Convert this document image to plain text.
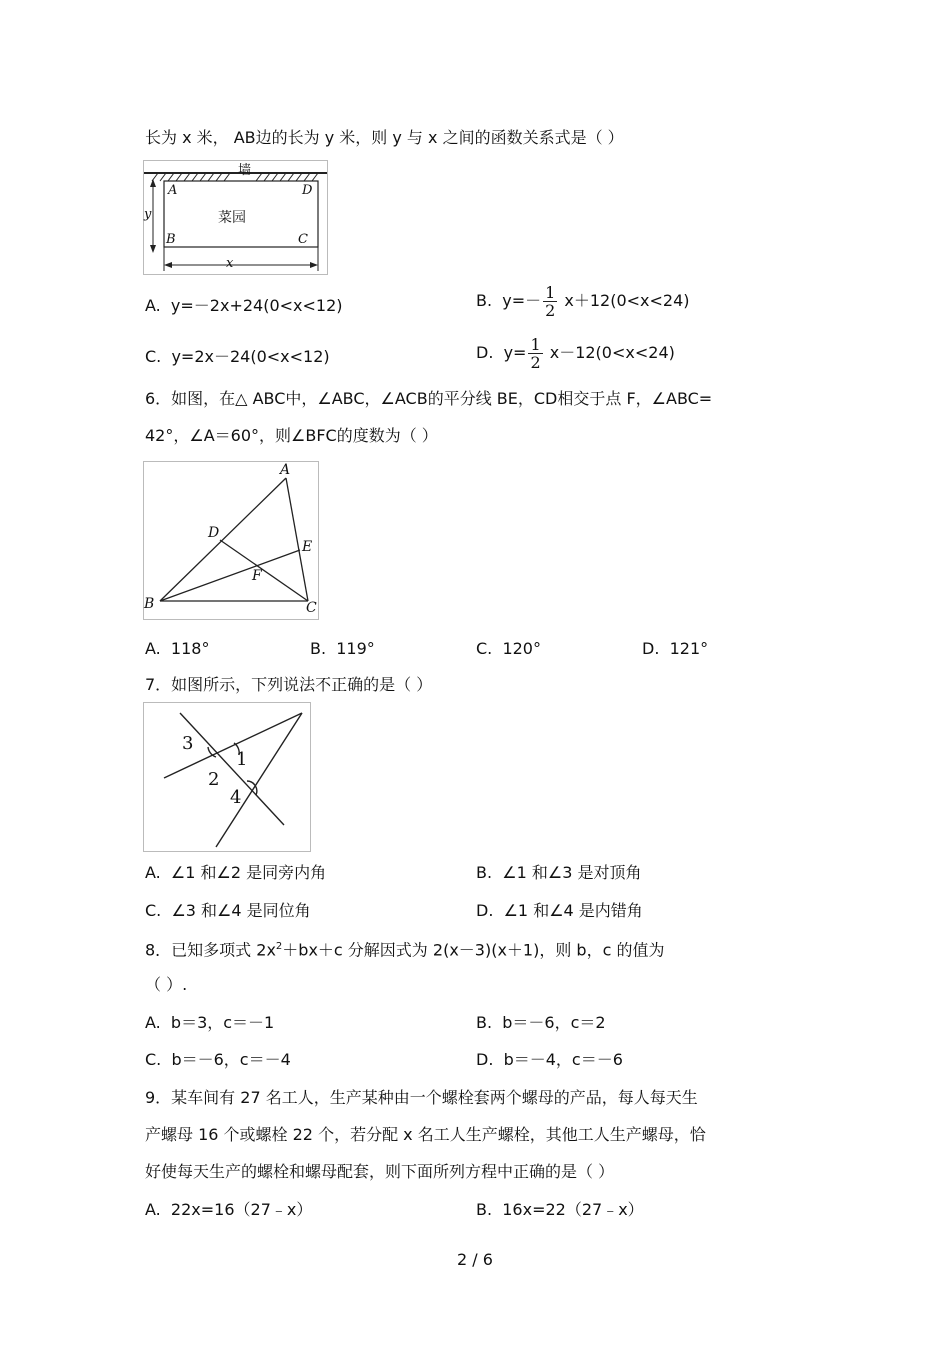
长为 x 米， AB边的长为 y 米，则 y 与 x 之间的函数关系式是（ ）
墙
菜园
A	D
B	C
y
x
A. y=－2x+24(0<x<12)	B. $y=- \frac{1}{2} x+12(0<x<24)$
C. y=2x－24(0<x<12)	D. $y= \frac{1}{2} x-12(0<x<24)$
6．如图，在△ ABC中，∠ABC，∠ACB的平分线 BE，CD相交于点 F，∠ABC=
42°，∠A＝60°，则∠BFC的度数为（ ）
A
B	C
D
E
F
A. 118°	B. 119°	C. 120°	D. 121°
7．如图所示，下列说法不正确的是（ ）
3
1
2
4
A. ∠1 和∠2 是同旁内角	B. ∠1 和∠3 是对顶角
C. ∠3 和∠4 是同位角	D. ∠1 和∠4 是内错角
8．已知多项式 $2x^2+bx+c$ 分解因式为 2(x－3)(x＋1)，则 b，c 的值为
（ ）.
A. b＝3，c＝－1	B. b＝－6，c＝2
C. b＝－6，c＝－4	D. b＝－4，c＝－6
9．某车间有 27 名工人，生产某种由一个螺栓套两个螺母的产品，每人每天生
产螺母 16 个或螺栓 22 个，若分配 x 名工人生产螺栓，其他工人生产螺母，恰
好使每天生产的螺栓和螺母配套，则下面所列方程中正确的是（ ）
A. 22x=16（27﹣x）	B. 16x=22（27﹣x）
2 / 6
